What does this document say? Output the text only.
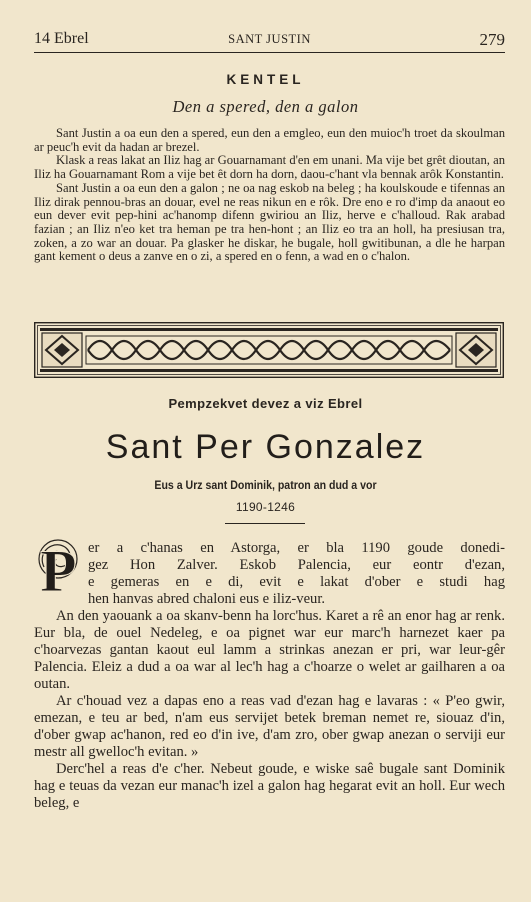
14 Ebrel	SANT JUSTIN	279
KENTEL
Den a spered, den a galon

Sant Justin a oa eun den a spered, eun den a emgleo, eun den muioc'h troet da skoulman ar peuc'h evit da hadan ar brezel.

Klask a reas lakat an Iliz hag ar Gouarnamant d'en em unani. Ma vije bet grêt dioutan, an Iliz ha Gouarnamant Rom a vije bet êt dorn ha dorn, daou-c'hant vla bennak arôk Konstantin.

Sant Justin a oa eun den a galon ; ne oa nag eskob na beleg ; ha koulskoude e tifennas an Iliz dirak pennou-bras an douar, evel ne reas nikun en e rôk. Dre eno e ro d'imp da anaout eo eun dever evit pep-hini ac'hanomp difenn gwiriou an Iliz, herve e c'halloud. Rak arabad fazian ; an Iliz n'eo ket tra heman pe tra hen-hont ; an Iliz eo tra an holl, ha presiusan tra, zoken, a zo war an douar. Pa glasker he diskar, he bugale, holl gwitibunan, a dle he harpan gant kement o deus a zanve en o zi, a spered en o fenn, a wad en o c'halon.

Pempzekvet devez a viz Ebrel
Sant Per Gonzalez
Eus a Urz sant Dominik, patron an dud a vor
1190-1246
P er a c'hanas en Astorga, er bla 1190 goude donedi-
gez Hon Zalver. Eskob Palencia, eur eontr d'ezan,
e gemeras en e di, evit e lakat d'ober e studi hag
hen hanvas abred chaloni eus e iliz-veur.

An den yaouank a oa skanv-benn ha lorc'hus. Karet a rê an enor hag ar renk. Eur bla, de ouel Nedeleg, e oa pignet war eur marc'h harnezet kaer pa c'hoarvezas gantan kaout eul lamm a strinkas anezan er pri, war leur-gêr Palencia. Eleiz a dud a oa war al lec'h hag a c'hoarze o welet ar gailharen a oa outan.

Ar c'houad vez a dapas eno a reas vad d'ezan hag e lavaras : « P'eo gwir, emezan, e teu ar bed, n'am eus servijet betek breman nemet re, siouaz d'in, d'ober gwap ac'hanon, red eo d'in ive, d'am zro, ober gwap anezan o serviji eur mestr all gwelloc'h evitan. »

Derc'hel a reas d'e c'her. Nebeut goude, e wiske saê bugale sant Dominik hag e teuas da vezan eur manac'h izel a galon hag hegarat evit an holl. Eur wech beleg, e
